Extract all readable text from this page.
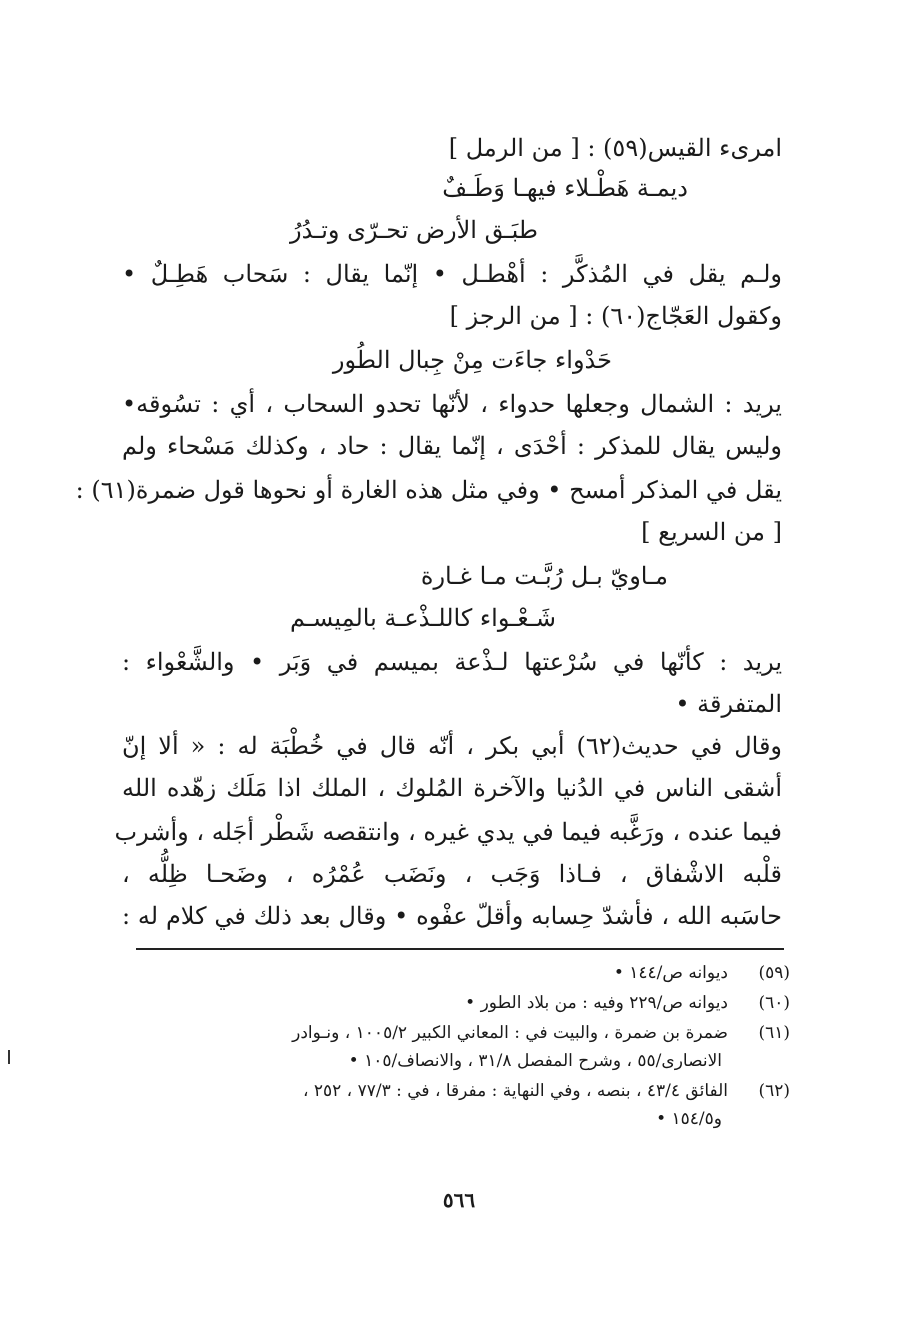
امرىء القيس(٥٩) : [ من الرمل ]
ديمـة هَطْـلاء فيهـا وَطَـفٌ
طبَـق الأرض تحـرّى وتـدُرُ
ولـم يقل في المُذكَّر : أهْطـل • إنّما يقال : سَحاب هَطِـلٌ •
وكقول العَجّاج(٦٠) : [ من الرجز ]
حَدْواء جاءَت مِنْ جِبال الطُور
يريد : الشمال وجعلها حدواء ، لأنّها تحدو السحاب ، أي : تسُوقه•
وليس يقال للمذكر : أحْدَى ، إنّما يقال : حاد ، وكذلك مَسْحاء ولم
يقل في المذكر أمسح • وفي مثل هذه الغارة أو نحوها قول ضمرة(٦١) :
[ من السريع ]
مـاويّ بـل رُبَّـت مـا غـارة
شَـعْـواء كاللـذْعـة بالمِيسـم
يريد : كأنّها في سُرْعتها لـذْعة بميسم في وَبَر • والشَّعْواء :
المتفرقة •
وقال في حديث(٦٢) أبي بكر ، أنّه قال في خُطْبَة له : « ألا إنّ
أشقى الناس في الدُنيا والآخرة المُلوك ، الملك اذا مَلَك زهّده الله
فيما عنده ، ورَغَّبه فيما في يدي غيره ، وانتقصه شَطْر أجَله ، وأشرب
قلْبه الاشْفاق ، فـاذا وَجَب ، ونَضَب عُمْرُه ، وضَحـا ظِلُّه ،
حاسَبه الله ، فأشدّ حِسابه وأقلّ عفْوه • وقال بعد ذلك في كلام له :
(٥٩)ديوانه ص/١٤٤ •
(٦٠)ديوانه ص/٢٢٩ وفيه : من بلاد الطور •
(٦١)ضمرة بن ضمرة ، والبيت في : المعاني الكبير ١٠٠٥/٢ ، ونـوادر
الانصارى/٥٥ ، وشرح المفصل ٣١/٨ ، والانصاف/١٠٥ •
(٦٢)الفائق ٤٣/٤ ، بنصه ، وفي النهاية : مفرقا ، في : ٧٧/٣ ، ٢٥٢ ،
و١٥٤/٥ •
٥٦٦
